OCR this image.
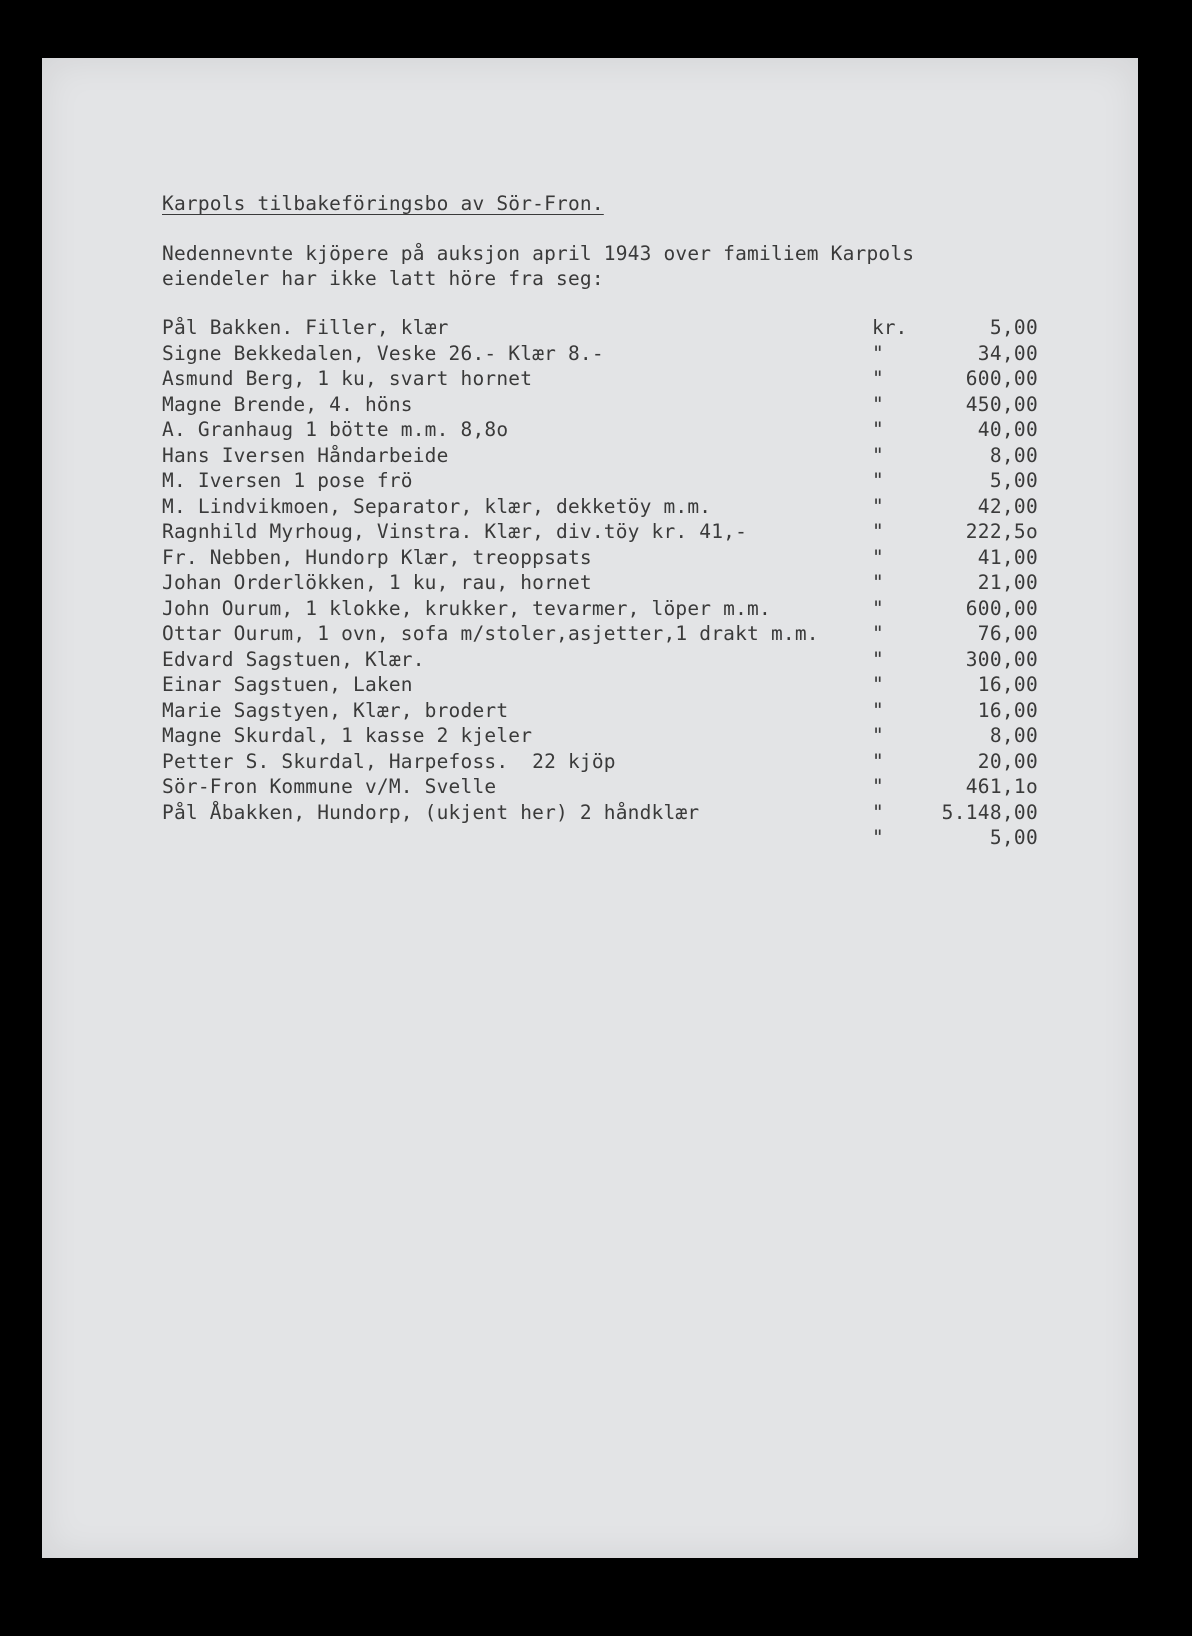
Karpols tilbakeföringsbo av Sör-Fron.
Nedennevnte kjöpere på auksjon april 1943 over familiem Karpols
eiendeler har ikke latt höre fra seg:
Pål Bakken. Filler, klær	kr.	5,00
Signe Bekkedalen, Veske 26.- Klær 8.-	"	34,00
Asmund Berg, 1 ku, svart hornet	"	600,00
Magne Brende, 4. höns	"	450,00
A. Granhaug 1 bötte m.m. 8,8o	"	40,00
Hans Iversen Håndarbeide	"	8,00
M. Iversen 1 pose frö	"	5,00
M. Lindvikmoen, Separator, klær, dekketöy m.m.	"	42,00
Ragnhild Myrhoug, Vinstra. Klær, div.töy kr. 41,-	"	222,5o
Fr. Nebben, Hundorp Klær, treoppsats	"	41,00
Johan Orderlökken, 1 ku, rau, hornet	"	21,00
John Ourum, 1 klokke, krukker, tevarmer, löper m.m.	"	600,00
Ottar Ourum, 1 ovn, sofa m/stoler,asjetter,1 drakt m.m.	"	76,00
Edvard Sagstuen, Klær.	"	300,00
Einar Sagstuen, Laken	"	16,00
Marie Sagstyen, Klær, brodert	"	16,00
Magne Skurdal, 1 kasse 2 kjeler	"	8,00
Petter S. Skurdal, Harpefoss.  22 kjöp	"	20,00
Sör-Fron Kommune v/M. Svelle	"	461,1o
Pål Åbakken, Hundorp, (ukjent her) 2 håndklær	"	5.148,00
"	5,00
